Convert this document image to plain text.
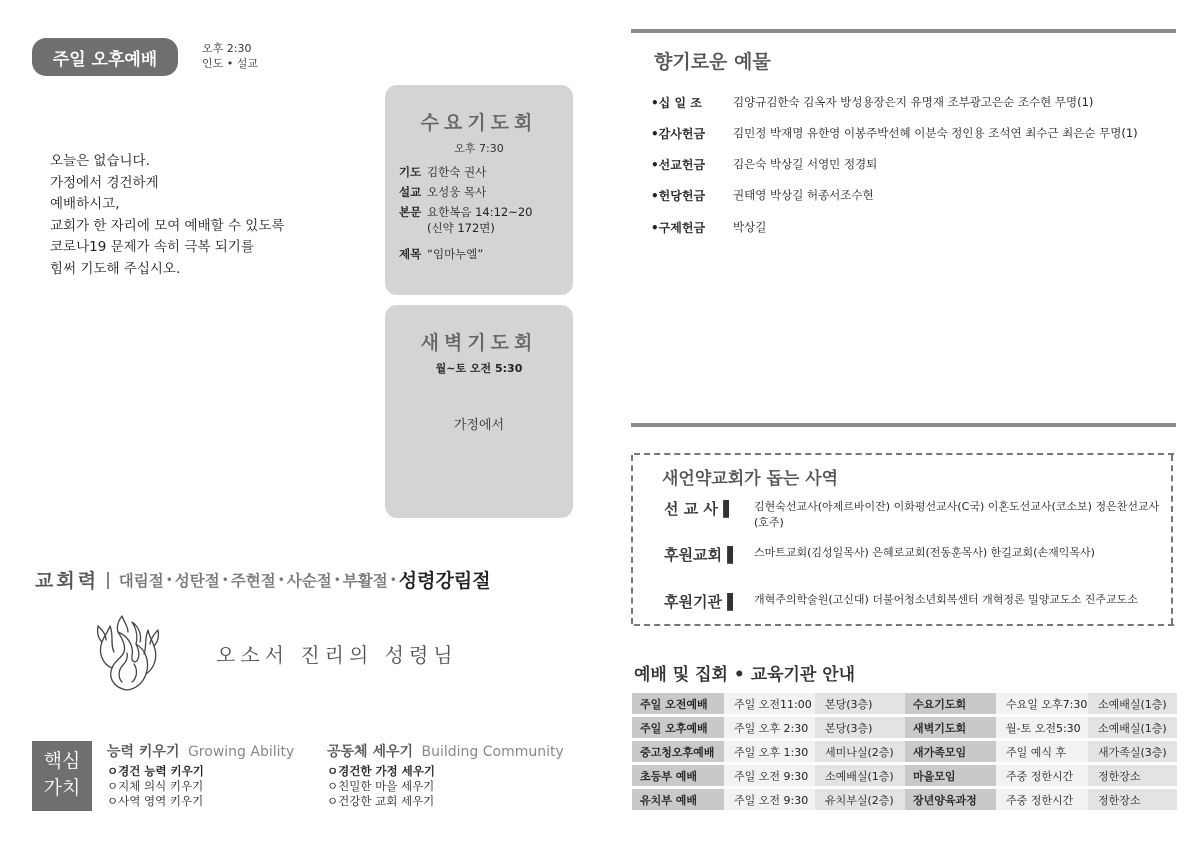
주일 오후예배
오후 2:30
인도 • 설교
오늘은 없습니다.
가정에서 경건하게
예배하시고,
교회가 한 자리에 모여 예배할 수 있도록
코로나19 문제가 속히 극복 되기를
힘써 기도해 주십시오.
수요기도회
오후 7:30
기도 김한숙 권사
설교 오성웅 목사
본문 요한복음 14:12~20
(신약 172면)
제목 “임마누엘”
새벽기도회
월~토 오전 5:30
가정에서
교회력 | 대림절 • 성탄절 • 주현절 • 사순절 • 부활절 • 성령강림절
오소서 진리의 성령님
핵심
가치
능력 키우기 Growing Ability
ㅇ경건 능력 키우기
ㅇ지체 의식 키우기
ㅇ사역 영역 키우기
공동체 세우기 Building Community
ㅇ경건한 가정 세우기
ㅇ친밀한 마을 세우기
ㅇ건강한 교회 세우기
향기로운 예물
•십 일 조	김양규김한숙 김옥자 방성용장은지 유명재 조부광고은순 조수현 무명(1)
•감사헌금	김민정 박재명 유한영 이봉주박선혜 이분숙 정인용 조석연 최수근 최은순 무명(1)
•선교헌금	김은숙 박상길 서영민 정경퇴
•헌당헌금	권태영 박상길 허종서조수현
•구제헌금	박상길
새언약교회가 돕는 사역
선 교 사 ▌	김현숙선교사(아제르바이잔) 이화평선교사(C국) 이혼도선교사(코소보) 정은찬선교사(호주)
후원교회 ▌	스마트교회(김성일목사) 은혜로교회(전동훈목사) 한길교회(손재익목사)
후원기관 ▌	개혁주의학술원(고신대) 더불어청소년회복센터 개혁정론 밀양교도소 진주교도소
예배 및 집회 • 교육기관 안내
주일 오전예배	주일 오전11:00	본당(3층)	수요기도회	수요일 오후7:30	소예배실(1층)
주일 오후예배	주일 오후 2:30	본당(3층)	새벽기도회	월-토 오전5:30	소예배실(1층)
중고청오후예배	주일 오후 1:30	세미나실(2층)	새가족모임	주일 예식 후	새가족실(3층)
초등부 예배	주일 오전 9:30	소예배실(1층)	마을모임	주중 정한시간	정한장소
유치부 예배	주일 오전 9:30	유치부실(2층)	장년양육과정	주중 정한시간	정한장소
